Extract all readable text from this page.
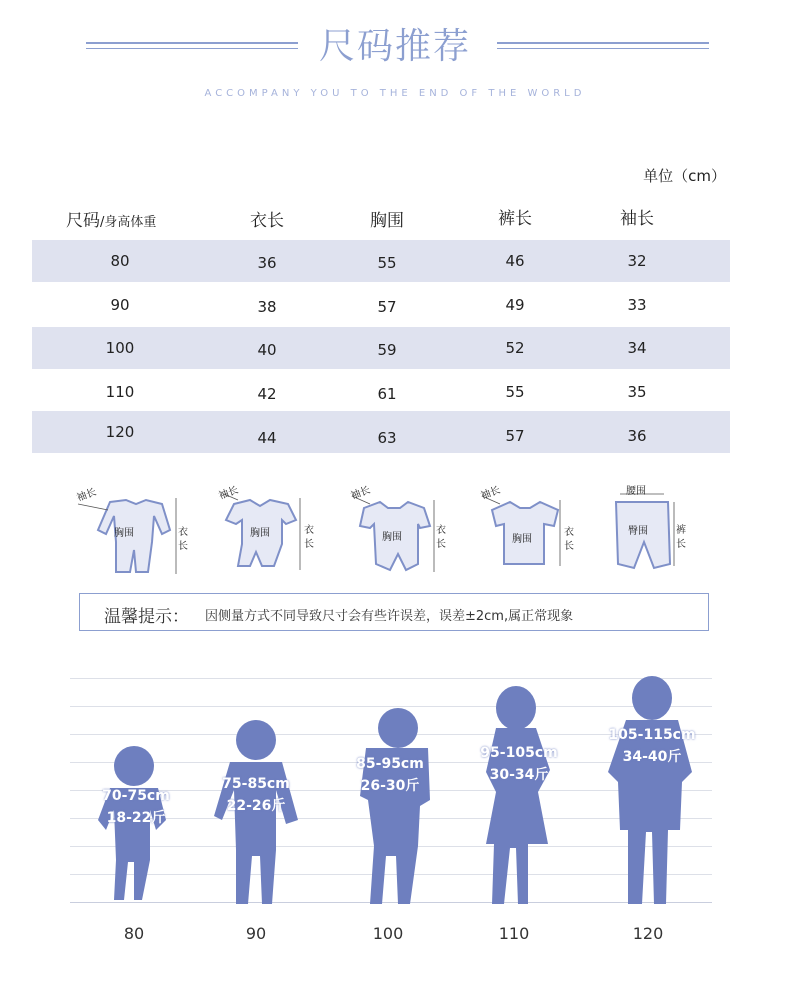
尺码推荐
ACCOMPANY YOU TO THE END OF THE WORLD
单位（cm）
尺码/身高体重	衣长	胸围	裤长	袖长
80	36	55	46	32
90	38	57	49	33
100	40	59	52	34
110	42	61	55	35
120	44	63	57	36
袖长
胸围	衣长
袖长
胸围	衣长
袖长
胸围
衣长
袖长
胸围
衣长
腰围
臀围	裤长
温馨提示： 因侧量方式不同导致尺寸会有些许误差，误差±2cm,属正常现象
70-75cm
18-22斤
75-85cm
22-26斤
85-95cm
26-30斤
95-105cm
30-34斤
105-115cm
34-40斤
80	90	100	110	120
